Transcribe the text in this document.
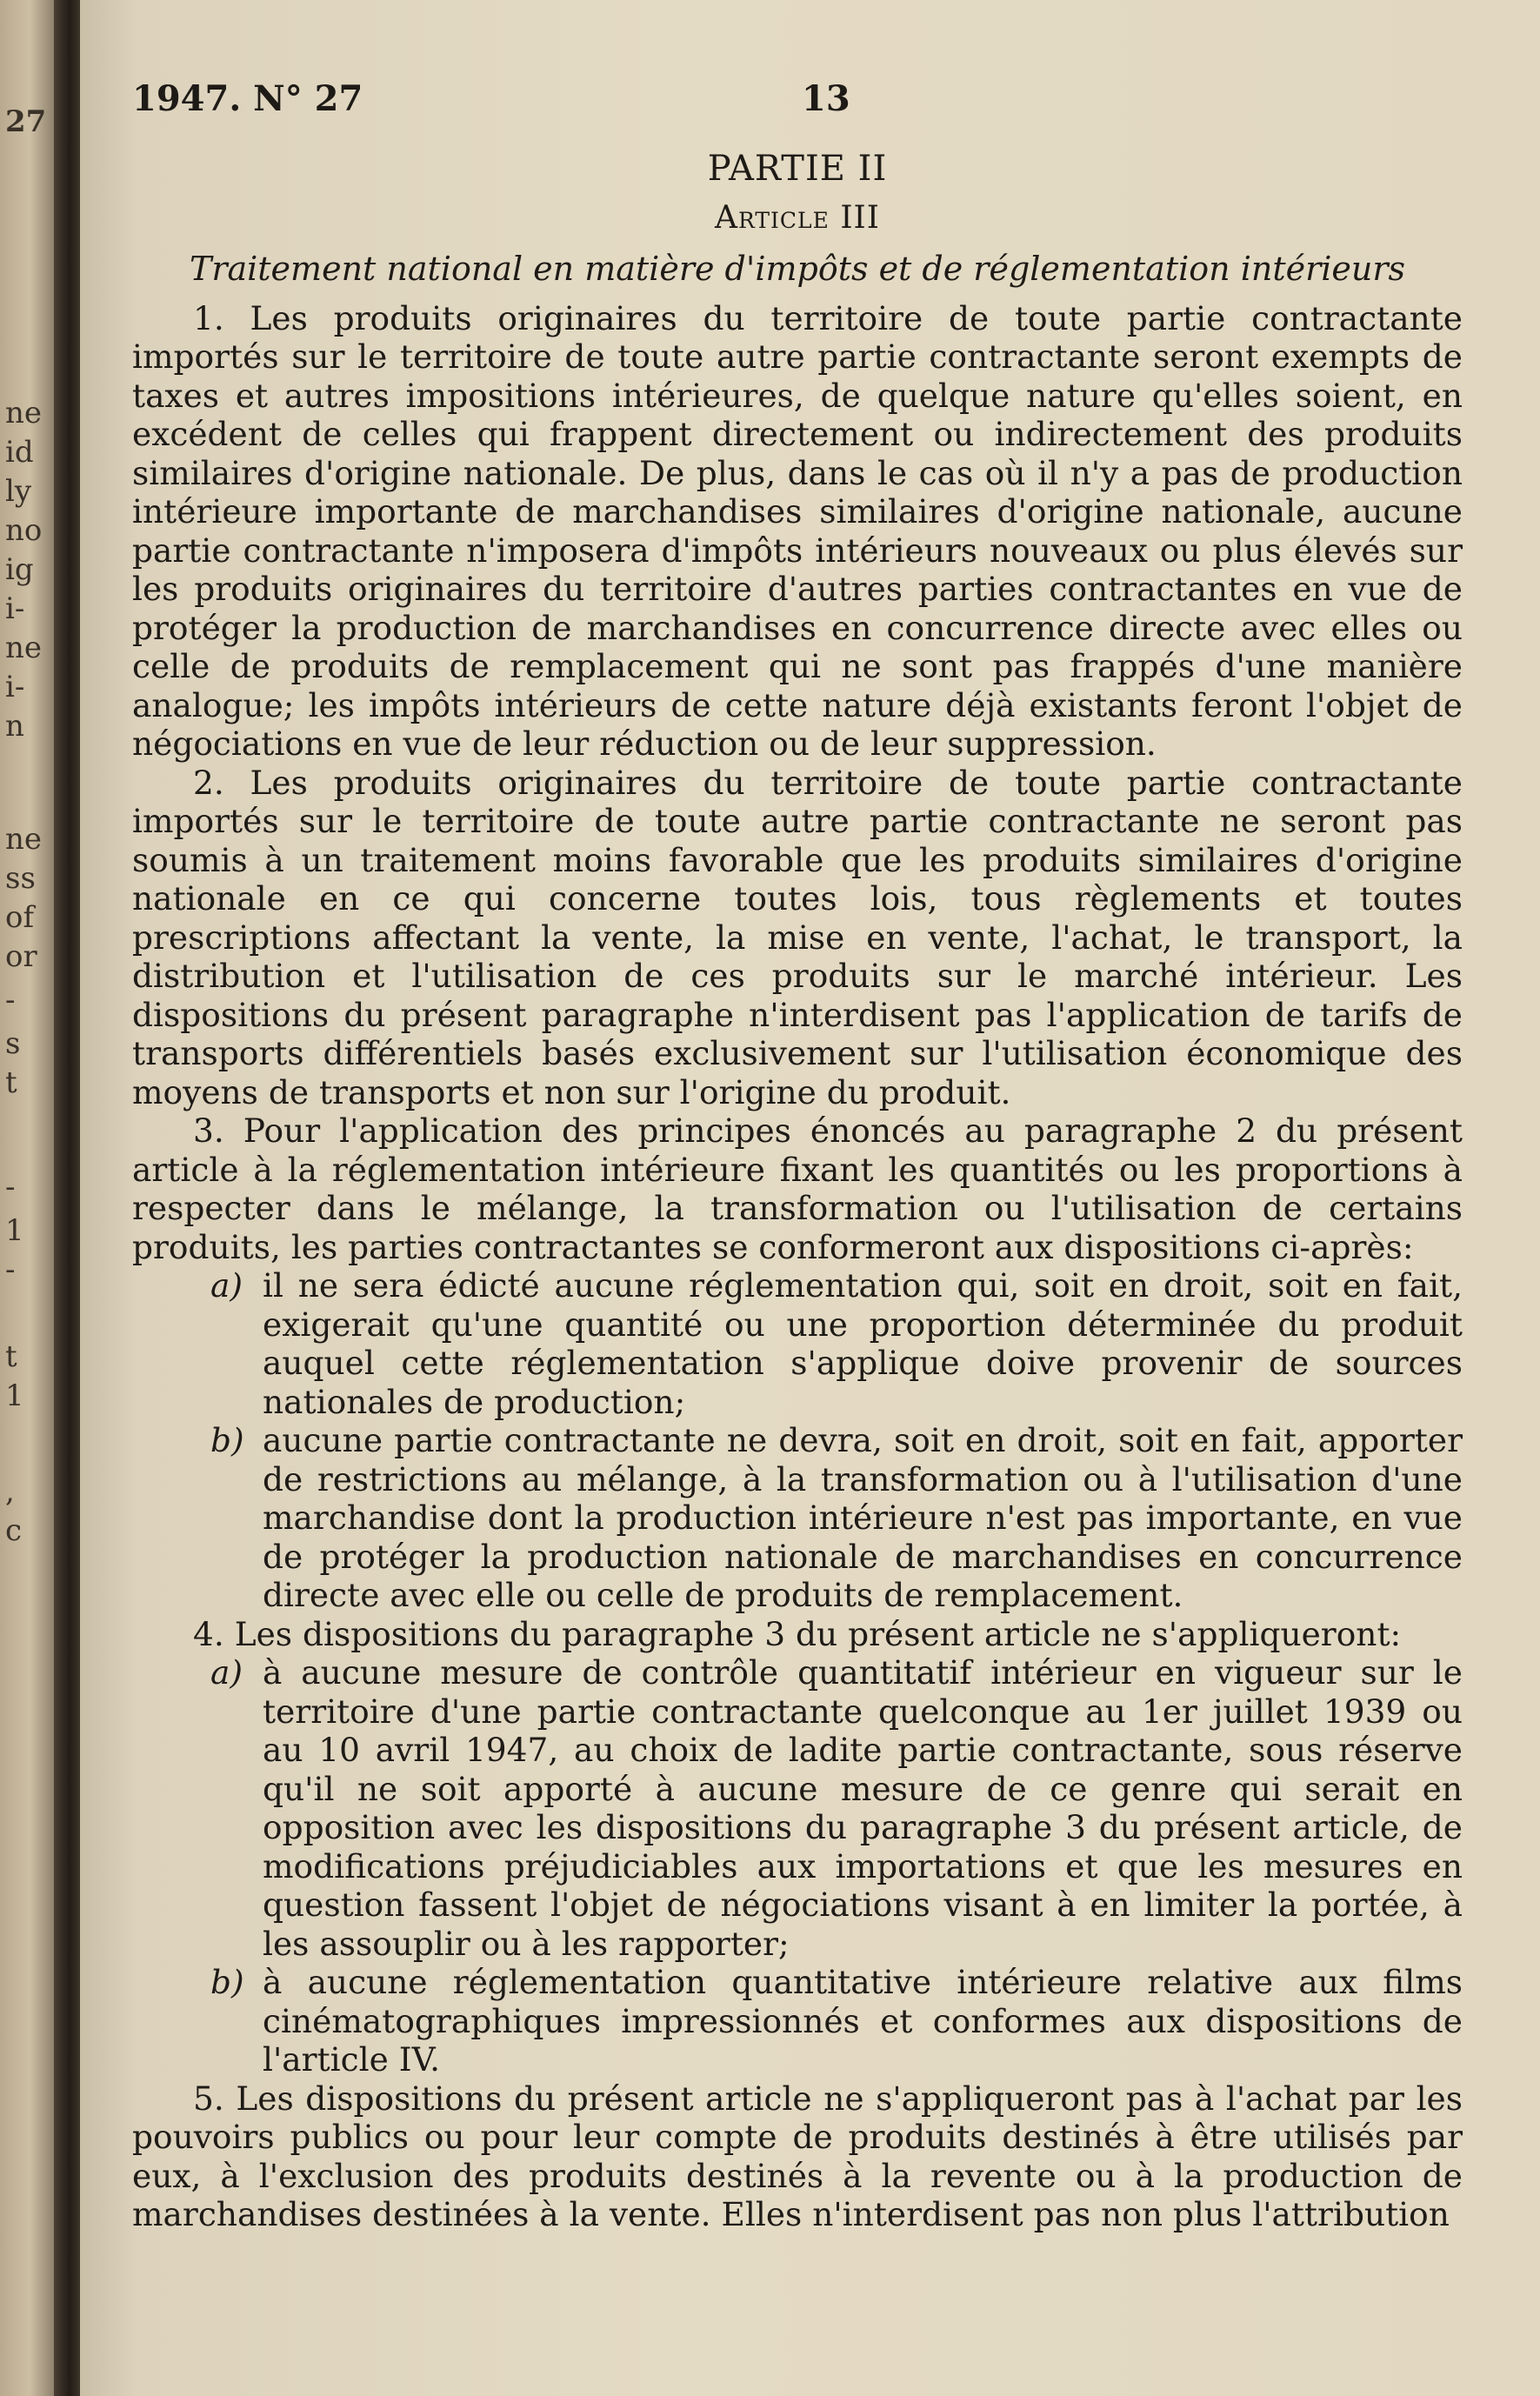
27
ne
id
ly
no
ig
i-
ne
i-
n
ne
ss
of
or
-
s
t
-
1
-
t
1
,
c
1947. N° 27	13
PARTIE II
Article III
Traitement national en matière d'impôts et de réglementation intérieurs

1. Les produits originaires du territoire de toute partie contractante importés sur le territoire de toute autre partie contractante seront exempts de taxes et autres impositions intérieures, de quelque nature qu'elles soient, en excédent de celles qui frappent directement ou indirectement des produits similaires d'origine nationale. De plus, dans le cas où il n'y a pas de production intérieure importante de marchandises similaires d'origine nationale, aucune partie contractante n'imposera d'impôts intérieurs nouveaux ou plus élevés sur les produits originaires du territoire d'autres parties contractantes en vue de protéger la production de marchandises en concurrence directe avec elles ou celle de produits de remplacement qui ne sont pas frappés d'une manière analogue; les impôts intérieurs de cette nature déjà existants feront l'objet de négociations en vue de leur réduction ou de leur suppression.

2. Les produits originaires du territoire de toute partie contractante importés sur le territoire de toute autre partie contractante ne seront pas soumis à un traitement moins favorable que les produits similaires d'origine nationale en ce qui concerne toutes lois, tous règlements et toutes prescriptions affectant la vente, la mise en vente, l'achat, le transport, la distribution et l'utilisation de ces produits sur le marché intérieur. Les dispositions du présent paragraphe n'interdisent pas l'application de tarifs de transports différentiels basés exclusivement sur l'utilisation économique des moyens de transports et non sur l'origine du produit.

3. Pour l'application des principes énoncés au paragraphe 2 du présent article à la réglementation intérieure fixant les quantités ou les proportions à respecter dans le mélange, la transformation ou l'utilisation de certains produits, les parties contractantes se conformeront aux dispositions ci-après:

a) il ne sera édicté aucune réglementation qui, soit en droit, soit en fait, exigerait qu'une quantité ou une proportion déterminée du produit auquel cette réglementation s'applique doive provenir de sources nationales de production;
b) aucune partie contractante ne devra, soit en droit, soit en fait, apporter de restrictions au mélange, à la transformation ou à l'utilisation d'une marchandise dont la production intérieure n'est pas importante, en vue de protéger la production nationale de marchandises en concurrence directe avec elle ou celle de produits de remplacement.

4. Les dispositions du paragraphe 3 du présent article ne s'appliqueront:

a) à aucune mesure de contrôle quantitatif intérieur en vigueur sur le territoire d'une partie contractante quelconque au 1er juillet 1939 ou au 10 avril 1947, au choix de ladite partie contractante, sous réserve qu'il ne soit apporté à aucune mesure de ce genre qui serait en opposition avec les dispositions du paragraphe 3 du présent article, de modifications préjudiciables aux importations et que les mesures en question fassent l'objet de négociations visant à en limiter la portée, à les assouplir ou à les rapporter;
b) à aucune réglementation quantitative intérieure relative aux films cinématographiques impressionnés et conformes aux dispositions de l'article IV.

5. Les dispositions du présent article ne s'appliqueront pas à l'achat par les pouvoirs publics ou pour leur compte de produits destinés à être utilisés par eux, à l'exclusion des produits destinés à la revente ou à la production de marchandises destinées à la vente. Elles n'interdisent pas non plus l'attribution
